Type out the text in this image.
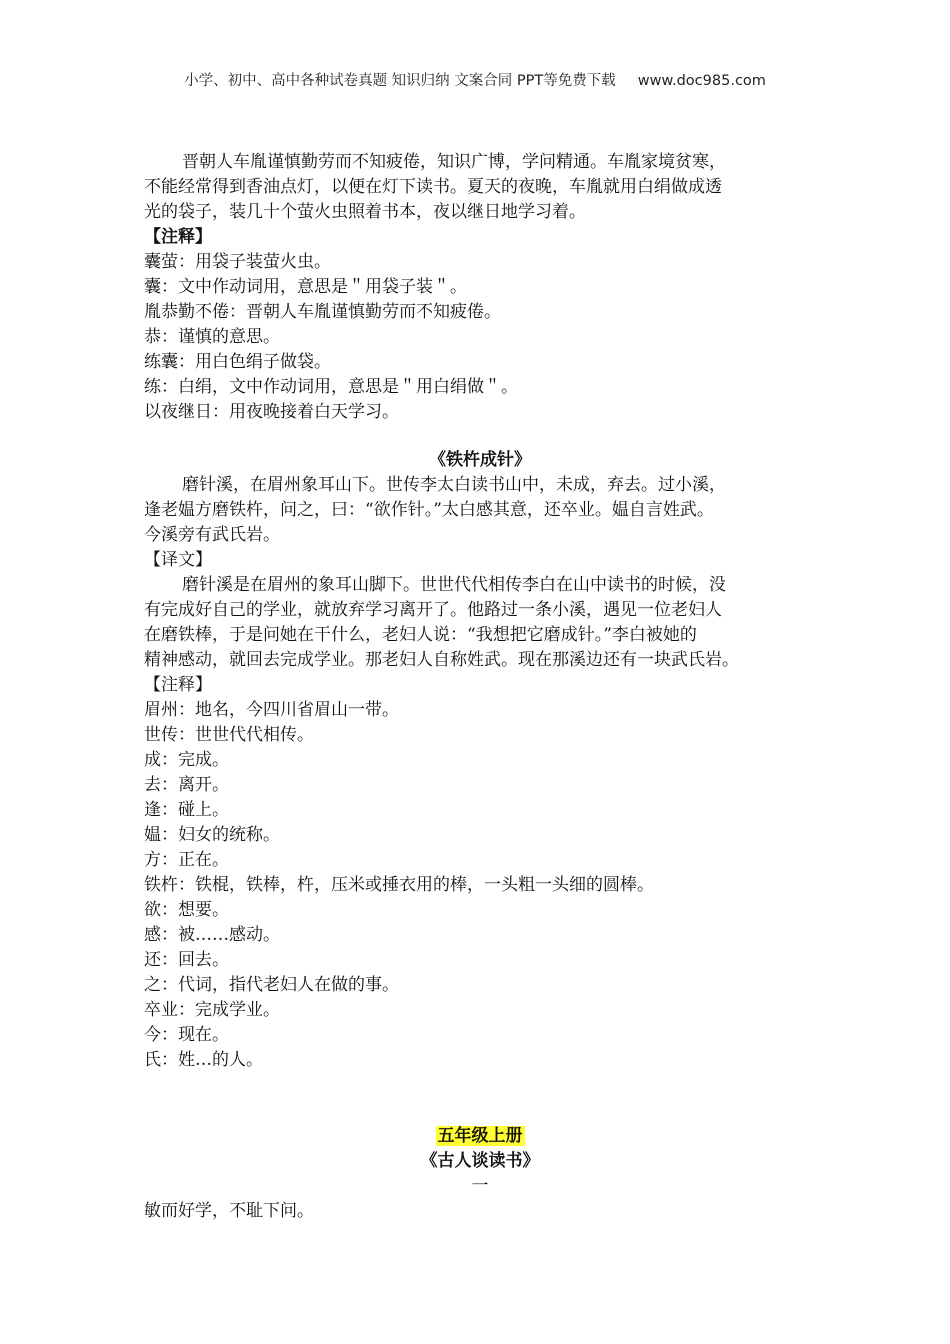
小学、初中、高中各种试卷真题 知识归纳 文案合同 PPT等免费下载 www.doc985.com
晋朝人车胤谨慎勤劳而不知疲倦，知识广博，学问精通。车胤家境贫寒，
不能经常得到香油点灯，以便在灯下读书。夏天的夜晚，车胤就用白绢做成透
光的袋子，装几十个萤火虫照着书本，夜以继日地学习着。
【注释】
囊萤：用袋子装萤火虫。
囊：文中作动词用，意思是＂用袋子装＂。
胤恭勤不倦：晋朝人车胤谨慎勤劳而不知疲倦。
恭：谨慎的意思。
练囊：用白色绢子做袋。
练：白绢，文中作动词用，意思是＂用白绢做＂。
以夜继日：用夜晚接着白天学习。
《铁杵成针》
磨针溪，在眉州象耳山下。世传李太白读书山中，未成，弃去。过小溪，
逢老媪方磨铁杵，问之，曰：“欲作针。”太白感其意，还卒业。媪自言姓武。
今溪旁有武氏岩。
【译文】
磨针溪是在眉州的象耳山脚下。世世代代相传李白在山中读书的时候，没
有完成好自己的学业，就放弃学习离开了。他路过一条小溪，遇见一位老妇人
在磨铁棒，于是问她在干什么，老妇人说：“我想把它磨成针。”李白被她的
精神感动，就回去完成学业。那老妇人自称姓武。现在那溪边还有一块武氏岩。
【注释】
眉州：地名，今四川省眉山一带。
世传：世世代代相传。
成：完成。
去：离开。
逢：碰上。
媪：妇女的统称。
方：正在。
铁杵：铁棍，铁棒，杵，压米或捶衣用的棒，一头粗一头细的圆棒。
欲：想要。
感：被……感动。
还：回去。
之：代词，指代老妇人在做的事。
卒业：完成学业。
今：现在。
氏：姓…的人。
五年级上册
《古人谈读书》
一
敏而好学，不耻下问。
